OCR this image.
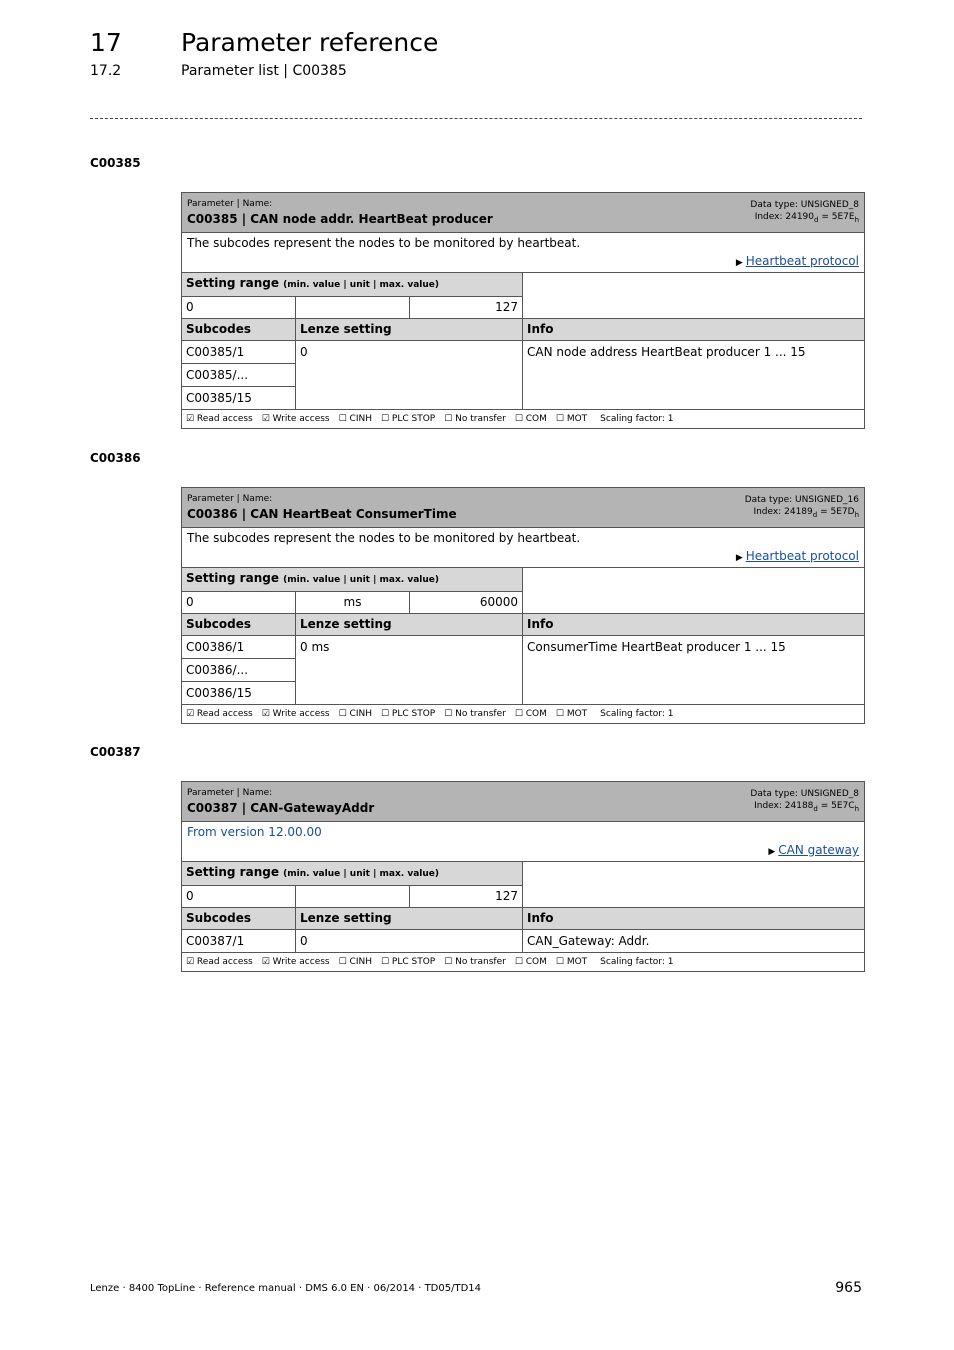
17 Parameter reference
17.2	Parameter list | C00385
C00385
Parameter | Name:
C00385 | CAN node addr. HeartBeat producer
Data type: UNSIGNED_8
Index: $24190_d = 5E7E_h$

The subcodes represent the nodes to be monitored by heartbeat.
▶ Heartbeat protocol			

Setting range (min. value | unit | max. value)			
0		127	
Subcodes	Lenze setting		Info
C00385/1	0		CAN node address HeartBeat producer 1 ... 15
C00385/...			
C00385/15			
☑ Read access ☑ Write access ☐ CINH ☐ PLC STOP ☐ No transfer ☐ COM ☐ MOT Scaling factor: 1			
C00386
Parameter | Name:
C00386 | CAN HeartBeat ConsumerTime
Data type: UNSIGNED_16
Index: $24189_d = 5E7D_h$

The subcodes represent the nodes to be monitored by heartbeat.
▶ Heartbeat protocol			

Setting range (min. value | unit | max. value)			
0	ms	60000	
Subcodes	Lenze setting		Info
C00386/1	0 ms		ConsumerTime HeartBeat producer 1 ... 15
C00386/...			
C00386/15			
☑ Read access ☑ Write access ☐ CINH ☐ PLC STOP ☐ No transfer ☐ COM ☐ MOT Scaling factor: 1			
C00387
Parameter | Name:
C00387 | CAN-GatewayAddr
Data type: UNSIGNED_8
Index: $24188_d = 5E7C_h$

From version 12.00.00
▶ CAN gateway			

Setting range (min. value | unit | max. value)			
0		127	
Subcodes	Lenze setting		Info
C00387/1	0		CAN_Gateway: Addr.
☑ Read access ☑ Write access ☐ CINH ☐ PLC STOP ☐ No transfer ☐ COM ☐ MOT Scaling factor: 1			
Lenze · 8400 TopLine · Reference manual · DMS 6.0 EN · 06/2014 · TD05/TD14	965
